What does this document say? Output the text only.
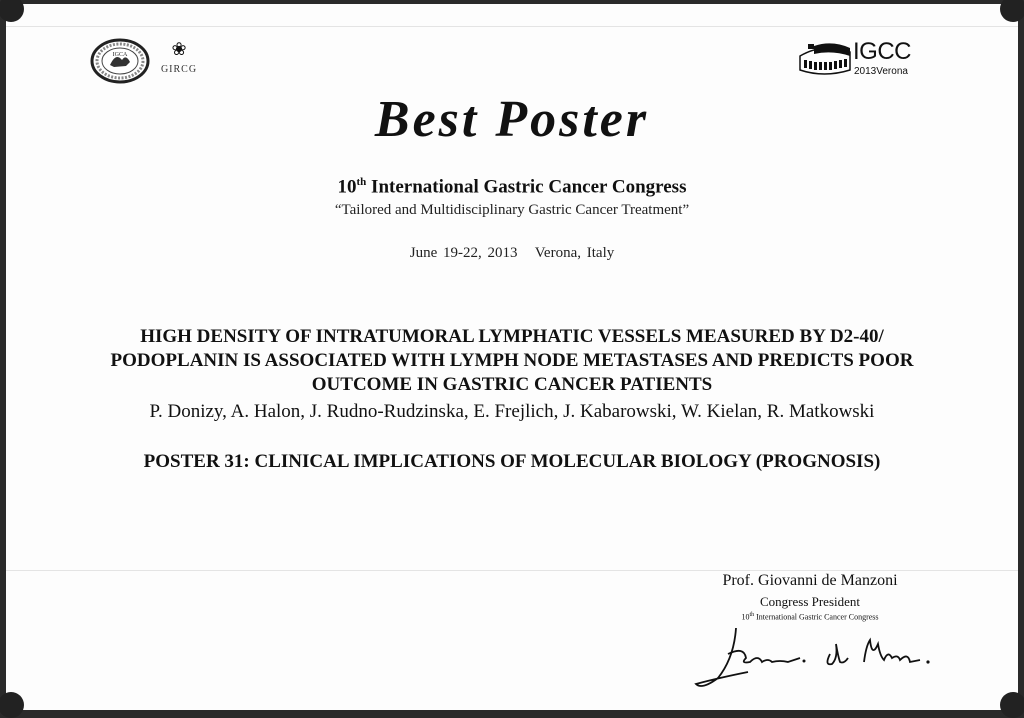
IGCA	❀
GIRCG
IGCC
2013Verona
Best Poster
10th International Gastric Cancer Congress
“Tailored and Multidisciplinary Gastric Cancer Treatment”
June 19-22, 2013 Verona, Italy
HIGH DENSITY OF INTRATUMORAL LYMPHATIC VESSELS MEASURED BY D2-40/ PODOPLANIN IS ASSOCIATED WITH LYMPH NODE METASTASES AND PREDICTS POOR OUTCOME IN GASTRIC CANCER PATIENTS
P. Donizy, A. Halon, J. Rudno-Rudzinska, E. Frejlich, J. Kabarowski, W. Kielan, R. Matkowski
POSTER 31: CLINICAL IMPLICATIONS OF MOLECULAR BIOLOGY (PROGNOSIS)
Prof. Giovanni de Manzoni
Congress President
10th International Gastric Cancer Congress
